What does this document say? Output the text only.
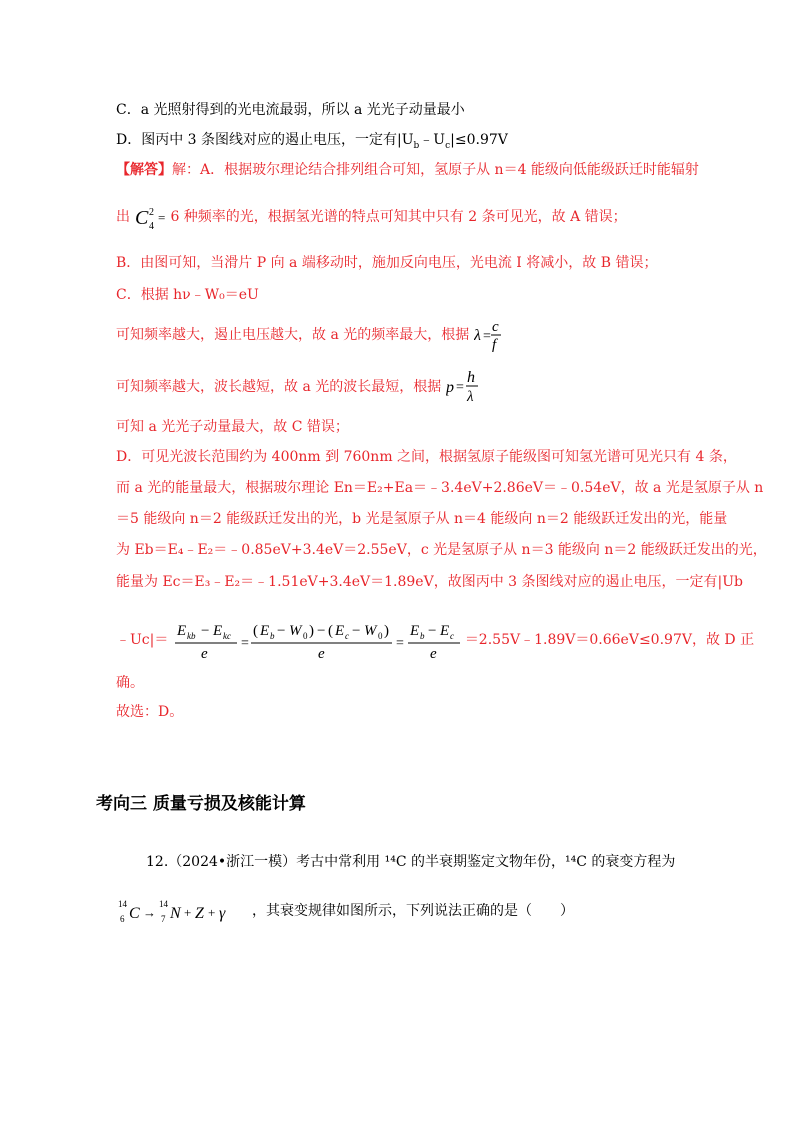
C．a 光照射得到的光电流最弱，所以 a 光光子动量最小
D．图丙中 3 条图线对应的遏止电压，一定有$|U_b﹣U_c|\le 0.97V$
【解答】解：A．根据玻尔理论结合排列组合可知，氢原子从 n＝4 能级向低能级跃迁时能辐射
出 C 2
4
= 6 种频率的光，根据氢光谱的特点可知其中只有 2 条可见光，故 A 错误；
B．由图可知，当滑片 P 向 a 端移动时，施加反向电压，光电流 I 将减小，故 B 错误；
C．根据 hν﹣W₀＝eU
可知频率越大，遏止电压越大，故 a 光的频率最大，根据 λ =
c
f
可知频率越大，波长越短，故 a 光的波长最短，根据 p =
h
λ
可知 a 光光子动量最大，故 C 错误；
D．可见光波长范围约为 400nm 到 760nm 之间，根据氢原子能级图可知氢光谱可见光只有 4 条，
而 a 光的能量最大，根据玻尔理论 En＝E₂+Ea＝﹣3.4eV+2.86eV＝﹣0.54eV，故 a 光是氢原子从 n
＝5 能级向 n＝2 能级跃迁发出的光，b 光是氢原子从 n＝4 能级向 n＝2 能级跃迁发出的光，能量
为 Eb＝E₄﹣E₂＝﹣0.85eV+3.4eV＝2.55eV，c 光是氢原子从 n＝3 能级向 n＝2 能级跃迁发出的光，
能量为 Ec＝E₃﹣E₂＝﹣1.51eV+3.4eV＝1.89eV，故图丙中 3 条图线对应的遏止电压，一定有|Ub
﹣Uc|＝
E kb − E kc
e
=
( E b − W 0 ) − ( E c − W 0 )
e
=
E b − E c
e
＝2.55V﹣1.89V＝0.66eV≤0.97V，故 D 正
确。
故选：D。
考向三 质量亏损及核能计算
12.（2024•浙江一模）考古中常利用 ¹⁴C 的半衰期鉴定文物年份，¹⁴C 的衰变方程为
14
6 C →
14
7 N + Z + γ ，其衰变规律如图所示，下列说法正确的是（　　）
